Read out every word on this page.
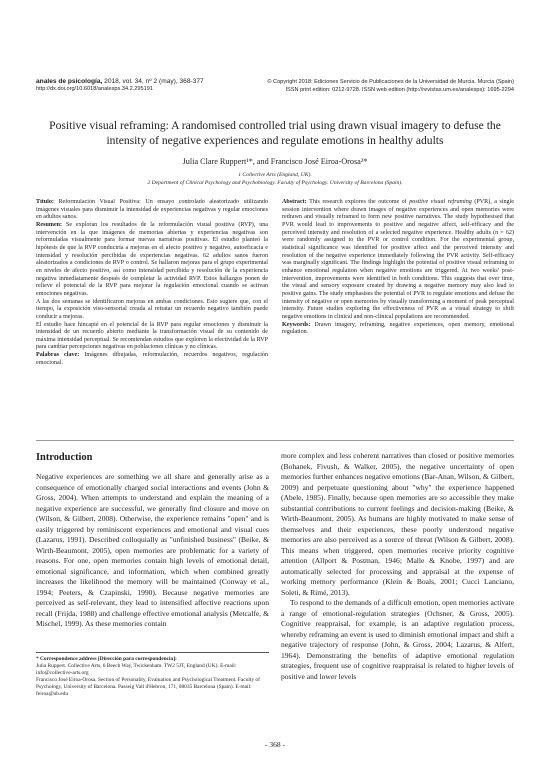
anales de psicología, 2018, vol. 34, nº 2 (may), 368-377
http://dx.doi.org/10.6018/analesps.34.2.295191
© Copyright 2018: Ediciones Servicio de Publicaciones de la Universidad de Murcia. Murcia (Spain)
ISSN print edition: 0212-9728. ISSN web edition (http://revistas.um.es/analesps): 1695-2294
Positive visual reframing: A randomised controlled trial using drawn visual imagery to defuse the intensity of negative experiences and regulate emotions in healthy adults
Julia Clare Ruppert¹*, and Francisco José Eiroa-Orosa²*
1 Collective Arts (England, UK).
2 Department of Clinical Psychology and Psychobiology. Faculty of Psychology. University of Barcelona (Spain).
Título: Reformulación Visual Positiva: Un ensayo controlado aleatorizado utilizando imágenes visuales para disminuir la intensidad de experiencias negativas y regular emociones en adultos sanos.
Resumen: Se exploran los resultados de la reformulación visual positiva (RVP), una intervención en la que imágenes de memorias abiertas y experiencias negativas son reformuladas visualmente para formar nuevas narrativas positivas. El estudio planteó la hipótesis de que la RVP conduciría a mejoras en el afecto positivo y negativo, autoeficacia e intensidad y resolución percibidas de experiencias negativas. 62 adultos sanos fueron aleatorizados a condiciones de RVP o control. Se hallaron mejoras para el grupo experimental en niveles de afecto positivo, así como intensidad percibida y resolución de la experiencia negativa inmediatamente después de completar la actividad RVP. Estos hallazgos ponen de relieve el potencial de la RVP para mejorar la regulación emocional cuando se activan emociones negativas.
A las dos semanas se identificaron mejoras en ambas condiciones. Esto sugiere que, con el tiempo, la exposición viso-sensorial creada al retratar un recuerdo negativo también puede conducir a mejoras.
El estudio hace hincapié en el potencial de la RVP para regular emociones y disminuir la intensidad de un recuerdo abierto mediante la transformación visual de su contenido de máxima intensidad perceptual. Se recomiendan estudios que exploren la efectividad de la RVP para cambiar percepciones negativas en poblaciones clínicas y no clínicas.
Palabras clave: Imágenes dibujadas, reformulación, recuerdos negativos, regulación emocional.
Abstract: This research explores the outcome of positive visual reframing (PVR), a single session intervention where drawn images of negative experiences and open memories were redrawn and visually reframed to form new positive narratives. The study hypothesised that PVR would lead to improvements to positive and negative affect, self-efficacy and the perceived intensity and resolution of a selected negative experience. Healthy adults (n = 62) were randomly assigned to the PVR or control condition. For the experimental group, statistical significance was identified for positive affect and the perceived intensity and resolution of the negative experience immediately following the PVR activity. Self-efficacy was marginally significant. The findings highlight the potential of positive visual reframing to enhance emotional regulation when negative emotions are triggered. At two weeks' post-intervention, improvements were identified in both conditions. This suggests that over time, the visual and sensory exposure created by drawing a negative memory may also lead to positive gains. The study emphasises the potential of PVR to regulate emotions and defuse the intensity of negative or open memories by visually transforming a moment of peak perceptual intensity. Future studies exploring the effectiveness of PVR as a visual strategy to shift negative emotions in clinical and non-clinical populations are recommended.
Keywords: Drawn imagery, reframing, negative experiences, open memory, emotional regulation.
Introduction
Negative experiences are something we all share and generally arise as a consequence of emotionally charged social interactions and events (John & Gross, 2004). When attempts to understand and explain the meaning of a negative experience are successful, we generally find closure and move on (Wilson, & Gilbert, 2008). Otherwise, the experience remains "open" and is easily triggered by reminiscent experiences and emotional and visual cues (Lazarus, 1991). Described colloquially as "unfinished business" (Beike, & Wirth-Beaumont, 2005), open memories are problematic for a variety of reasons. For one, open memories contain high levels of emotional detail, emotional significance, and information, which when combined greatly increases the likelihood the memory will be maintained (Conway et al., 1994; Peeters, & Czapinski, 1990). Because negative memories are perceived as self-relevant, they lead to intensified affective reactions upon recall (Frijda, 1988) and challenge effective emotional analysis (Metcalfe, & Mischel, 1999). As these memories contain

more complex and less coherent narratives than closed or positive memories (Bohanek, Fivush, & Walker, 2005), the negative uncertainty of open memories further enhances negative emotions (Bar-Anan, Wilson, & Gilbert, 2009) and perpetuate questioning about "why" the experience happened (Abele, 1985). Finally, because open memories are so accessible they make substantial contributions to current feelings and decision-making (Beike, & Wirth-Beaumont, 2005). As humans are highly motivated to make sense of themselves and their experiences, these poorly understood negative memories are also perceived as a source of threat (Wilson & Gilbert, 2008). This means when triggered, open memories receive priority cognitive attention (Allport & Postman, 1946; Malle & Knobe, 1997) and are automatically selected for processing and appraisal at the expense of working memory performance (Klein & Boals, 2001; Cucci Lanciano, Soleti, & Rimé, 2013).

To respond to the demands of a difficult emotion, open memories activate a range of emotional-regulation strategies (Ochsner, & Gross, 2005). Cognitive reappraisal, for example, is an adaptive regulation process, whereby reframing an event is used to diminish emotional impact and shift a negative trajectory of response (John, & Gross, 2004; Lazarus, & Alfert, 1964). Demonstrating the benefits of adaptive emotional regulation strategies, frequent use of cognitive reappraisal is related to higher levels of positive and lower levels

* Correspondence address [Dirección para correspondencia]:
Julia Ruppert. Collective Arts, 6 Beech Way, Twickenham. TW2 5JT, England (UK). E-mail: info@collective-arts.org
Francisco José Eiroa-Orosa. Section of Personality, Evaluation and Psychological Treatment. Faculty of Psychology, University of Barcelona. Passeig Vall d'Hebron, 171, 08035 Barcelona (Spain). E-mail: feiroa@ub.edu
- 368 -
